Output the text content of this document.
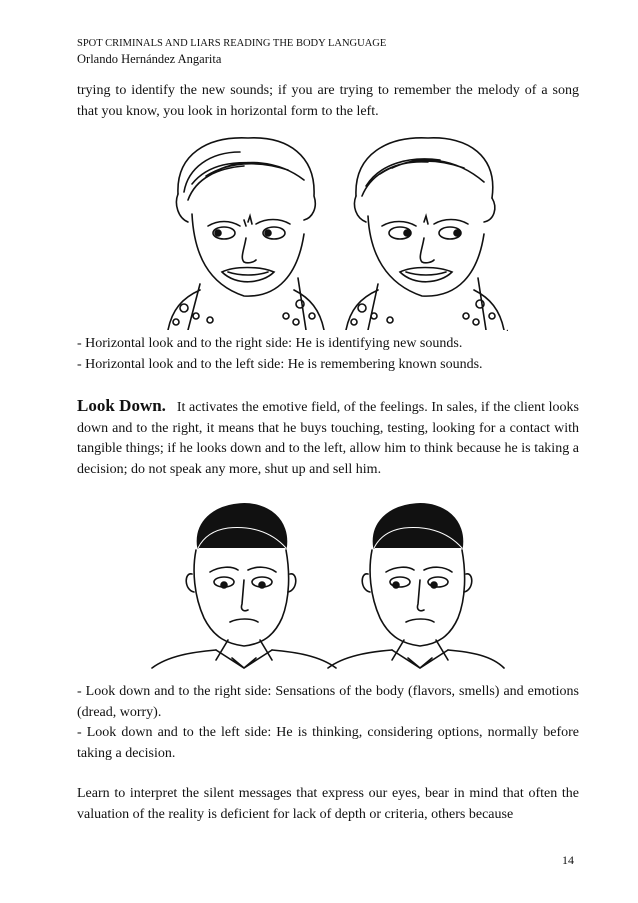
SPOT CRIMINALS AND LIARS READING THE BODY LANGUAGE
Orlando Hernández Angarita

trying to identify the new sounds; if you are trying to remember the melody of a song that you know, you look in horizontal form to the left.

.
- Horizontal look and to the right side: He is identifying new sounds.
- Horizontal look and to the left side: He is remembering known sounds.

Look Down. It activates the emotive field, of the feelings. In sales, if the client looks down and to the right, it means that he buys touching, testing, looking for a contact with tangible things; if he looks down and to the left, allow him to think because he is taking a decision; do not speak any more, shut up and sell him.

- Look down and to the right side: Sensations of the body (flavors, smells) and emotions (dread, worry).

- Look down and to the left side: He is thinking, considering options, normally before taking a decision.

Learn to interpret the silent messages that express our eyes, bear in mind that often the valuation of the reality is deficient for lack of depth or criteria, others because

14
